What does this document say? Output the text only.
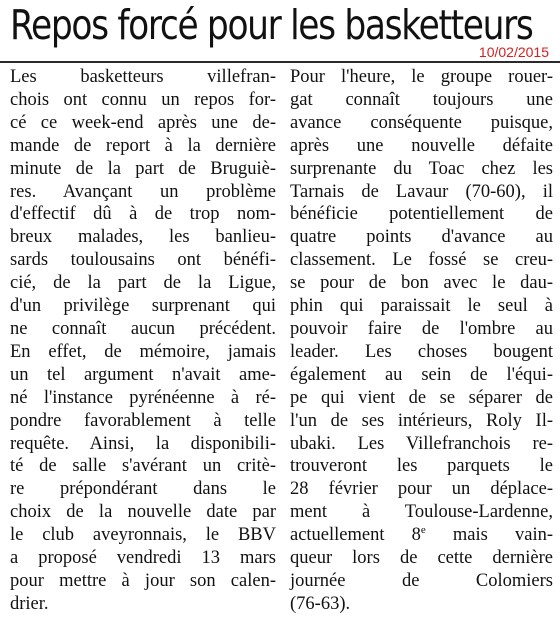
Repos forcé pour les basketteurs
10/02/2015
Les basketteurs villefran-
chois ont connu un repos for-
cé ce week-end après une de-
mande de report à la dernière
minute de la part de Bruguiè-
res. Avançant un problème
d'effectif dû à de trop nom-
breux malades, les banlieu-
sards toulousains ont bénéfi-
cié, de la part de la Ligue,
d'un privilège surprenant qui
ne connaît aucun précédent.
En effet, de mémoire, jamais
un tel argument n'avait ame-
né l'instance pyrénéenne à ré-
pondre favorablement à telle
requête. Ainsi, la disponibili-
té de salle s'avérant un critè-
re prépondérant dans le
choix de la nouvelle date par
le club aveyronnais, le BBV
a proposé vendredi 13 mars
pour mettre à jour son calen-
drier.
Pour l'heure, le groupe rouer-
gat connaît toujours une
avance conséquente puisque,
après une nouvelle défaite
surprenante du Toac chez les
Tarnais de Lavaur (70-60), il
bénéficie potentiellement de
quatre points d'avance au
classement. Le fossé se creu-
se pour de bon avec le dau-
phin qui paraissait le seul à
pouvoir faire de l'ombre au
leader. Les choses bougent
également au sein de l'équi-
pe qui vient de se séparer de
l'un de ses intérieurs, Roly Il-
ubaki. Les Villefranchois re-
trouveront les parquets le
28 février pour un déplace-
ment à Toulouse-Lardenne,
actuellement 8e mais vain-
queur lors de cette dernière
journée de Colomiers
(76-63).
